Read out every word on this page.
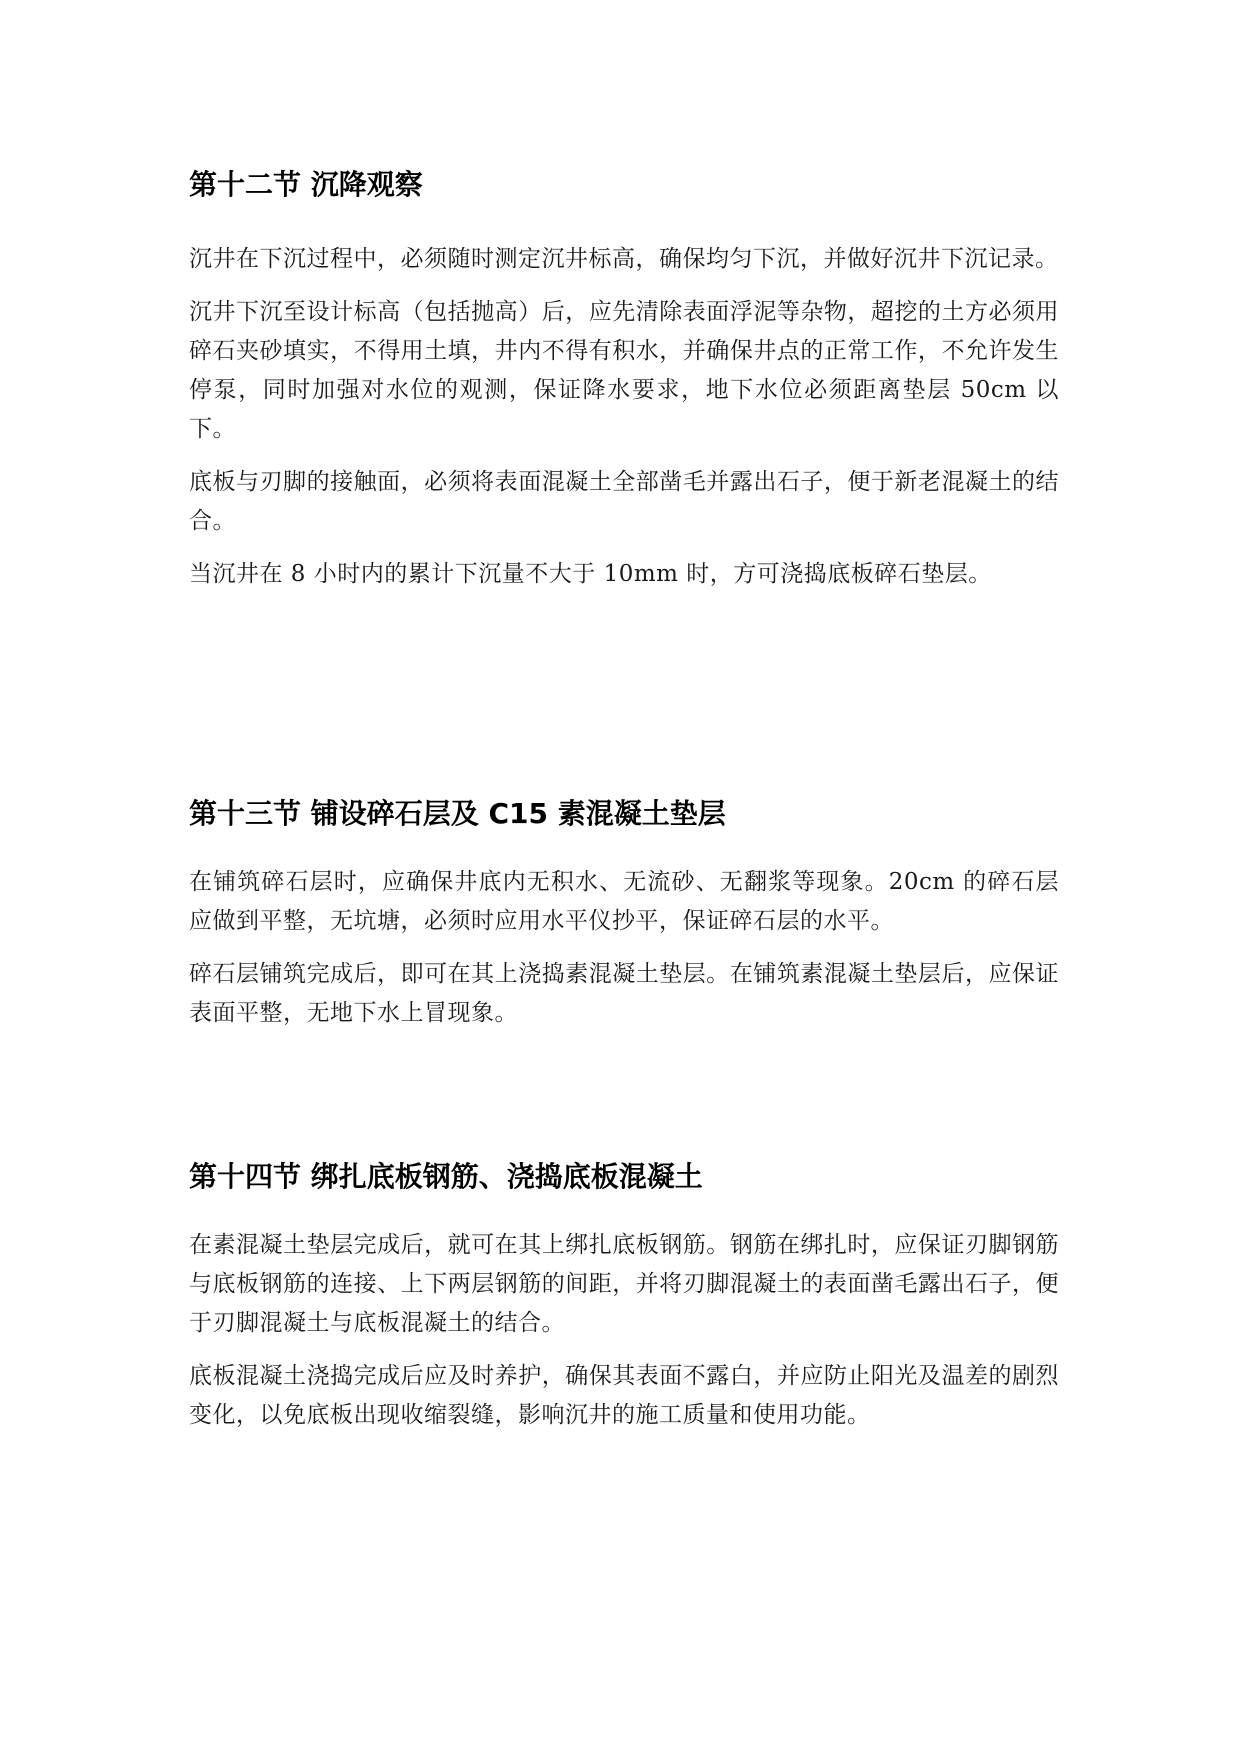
第十二节 沉降观察

沉井在下沉过程中，必须随时测定沉井标高，确保均匀下沉，并做好沉井下沉记录。

沉井下沉至设计标高（包括抛高）后，应先清除表面浮泥等杂物，超挖的土方必须用碎石夹砂填实，不得用土填，井内不得有积水，并确保井点的正常工作，不允许发生停泵，同时加强对水位的观测，保证降水要求，地下水位必须距离垫层 50cm 以下。

底板与刃脚的接触面，必须将表面混凝土全部凿毛并露出石子，便于新老混凝土的结合。

当沉井在 8 小时内的累计下沉量不大于 10mm 时，方可浇捣底板碎石垫层。

第十三节 铺设碎石层及 C15 素混凝土垫层

在铺筑碎石层时，应确保井底内无积水、无流砂、无翻浆等现象。20cm 的碎石层应做到平整，无坑塘，必须时应用水平仪抄平，保证碎石层的水平。

碎石层铺筑完成后，即可在其上浇捣素混凝土垫层。在铺筑素混凝土垫层后，应保证表面平整，无地下水上冒现象。

第十四节 绑扎底板钢筋、浇捣底板混凝土

在素混凝土垫层完成后，就可在其上绑扎底板钢筋。钢筋在绑扎时，应保证刃脚钢筋与底板钢筋的连接、上下两层钢筋的间距，并将刃脚混凝土的表面凿毛露出石子，便于刃脚混凝土与底板混凝土的结合。

底板混凝土浇捣完成后应及时养护，确保其表面不露白，并应防止阳光及温差的剧烈变化，以免底板出现收缩裂缝，影响沉井的施工质量和使用功能。
